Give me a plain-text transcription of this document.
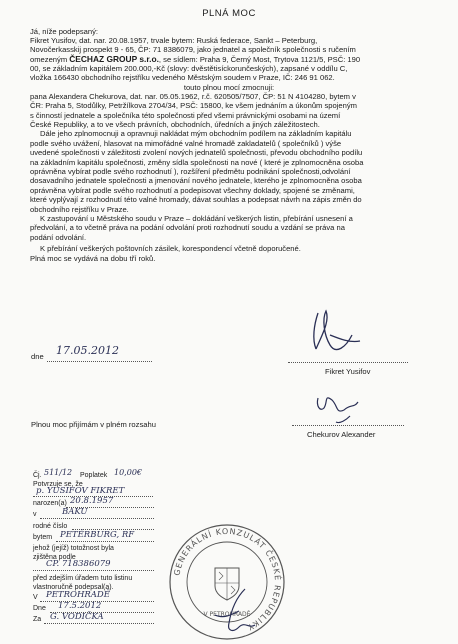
PLNÁ MOC
Já, níže podepsaný:
Fikret Yusifov, dat. nar. 20.08.1957, trvale bytem: Ruská federace, Sankt – Peterburg,
Novočerkasskij prospekt 9 - 65, ČP: 71 8386079, jako jednatel a společník společnosti s ručením
omezeným ČECHAZ GROUP s.r.o., se sídlem: Praha 9, Černý Most, Trytova 1121/5, PSČ: 190
00, se základním kapitálem 200.000,-Kč (slovy: dvěstětisíckorunčeských), zapsané v oddílu C,
vložka 166430 obchodního rejstříku vedeného Městským soudem v Praze, IČ: 246 91 062.
touto plnou mocí zmocnuji:
pana Alexandera Chekurova, dat. nar. 05.05.1962, r.č. 620505/7507, ČP: 51 N 4104280, bytem v
ČR: Praha 5, Stodůlky, Petržílkova 2704/34, PSČ: 15800, ke všem jednáním a úkonům spojeným
s činností jednatele a společníka této společnosti před všemi právnickými osobami na území
České Republiky, a to ve všech právních, obchodních, úředních a jiných záležitostech.
Dále jeho zplnomocnuji a opravnuji nakládat mým obchodním podílem na základním kapitálu
podle svého uvážení, hlasovat na mimořádné valné hromadě zakladatelů ( společníků ) výše
uvedené společnosti v záležitosti zvolení nových jednatelů společnosti, převodu obchodního podílu
na základním kapitálu společnosti, změny sídla společnosti na nové ( které je zplnomocněna osoba
oprávněna vybírat podle svého rozhodnutí ), rozšíření předmětu podnikání společnosti,odvolání
dosavadního jednatele společnosti a jmenování nového jednatele, kterého je zplnomocněna osoba
oprávněna vybírat podle svého rozhodnutí a podepisovat všechny doklady, spojené se změnami,
které vyplývají z rozhodnutí této valné hromady, dávat souhlas a podepsat návrh na zápis změn do
obchodního rejstříku v Praze.
K zastupování u Městského soudu v Praze – dokládání veškerých listin, přebírání usnesení a
předvolání, a to včetně práva na podání odvolání proti rozhodnutí soudu a vzdání se práva na
podání odvolání.
K přebírání veškerých poštovních zásilek, korespondencí včetně doporučené.
Plná moc se vydává na dobu tří roků.
dne 17.05.2012
Fikret Yusifov
Plnou moc přijímám v plném rozsahu
Chekurov Alexander
Čj. 511/12 Poplatek 10,00€
Potvrzuje se, že
p. YUSIFOV FIKRET
narozen(a) 20.8.1957
v	BAKU
rodné číslo
bytem PETĚRBURG, RF
jehož (jejíž) totožnost byla
zjištěna podle
CP. 718386079
před zdejším úřadem tuto listinu
vlastnoručně podepsal(a).
V PETROHRADĚ
Dne 17.5.2012
Za G. VODIČKA
GENERÁLNÍ KONZULÁT ČESKÉ REPUBLIKY
V PETROHRADĚ
